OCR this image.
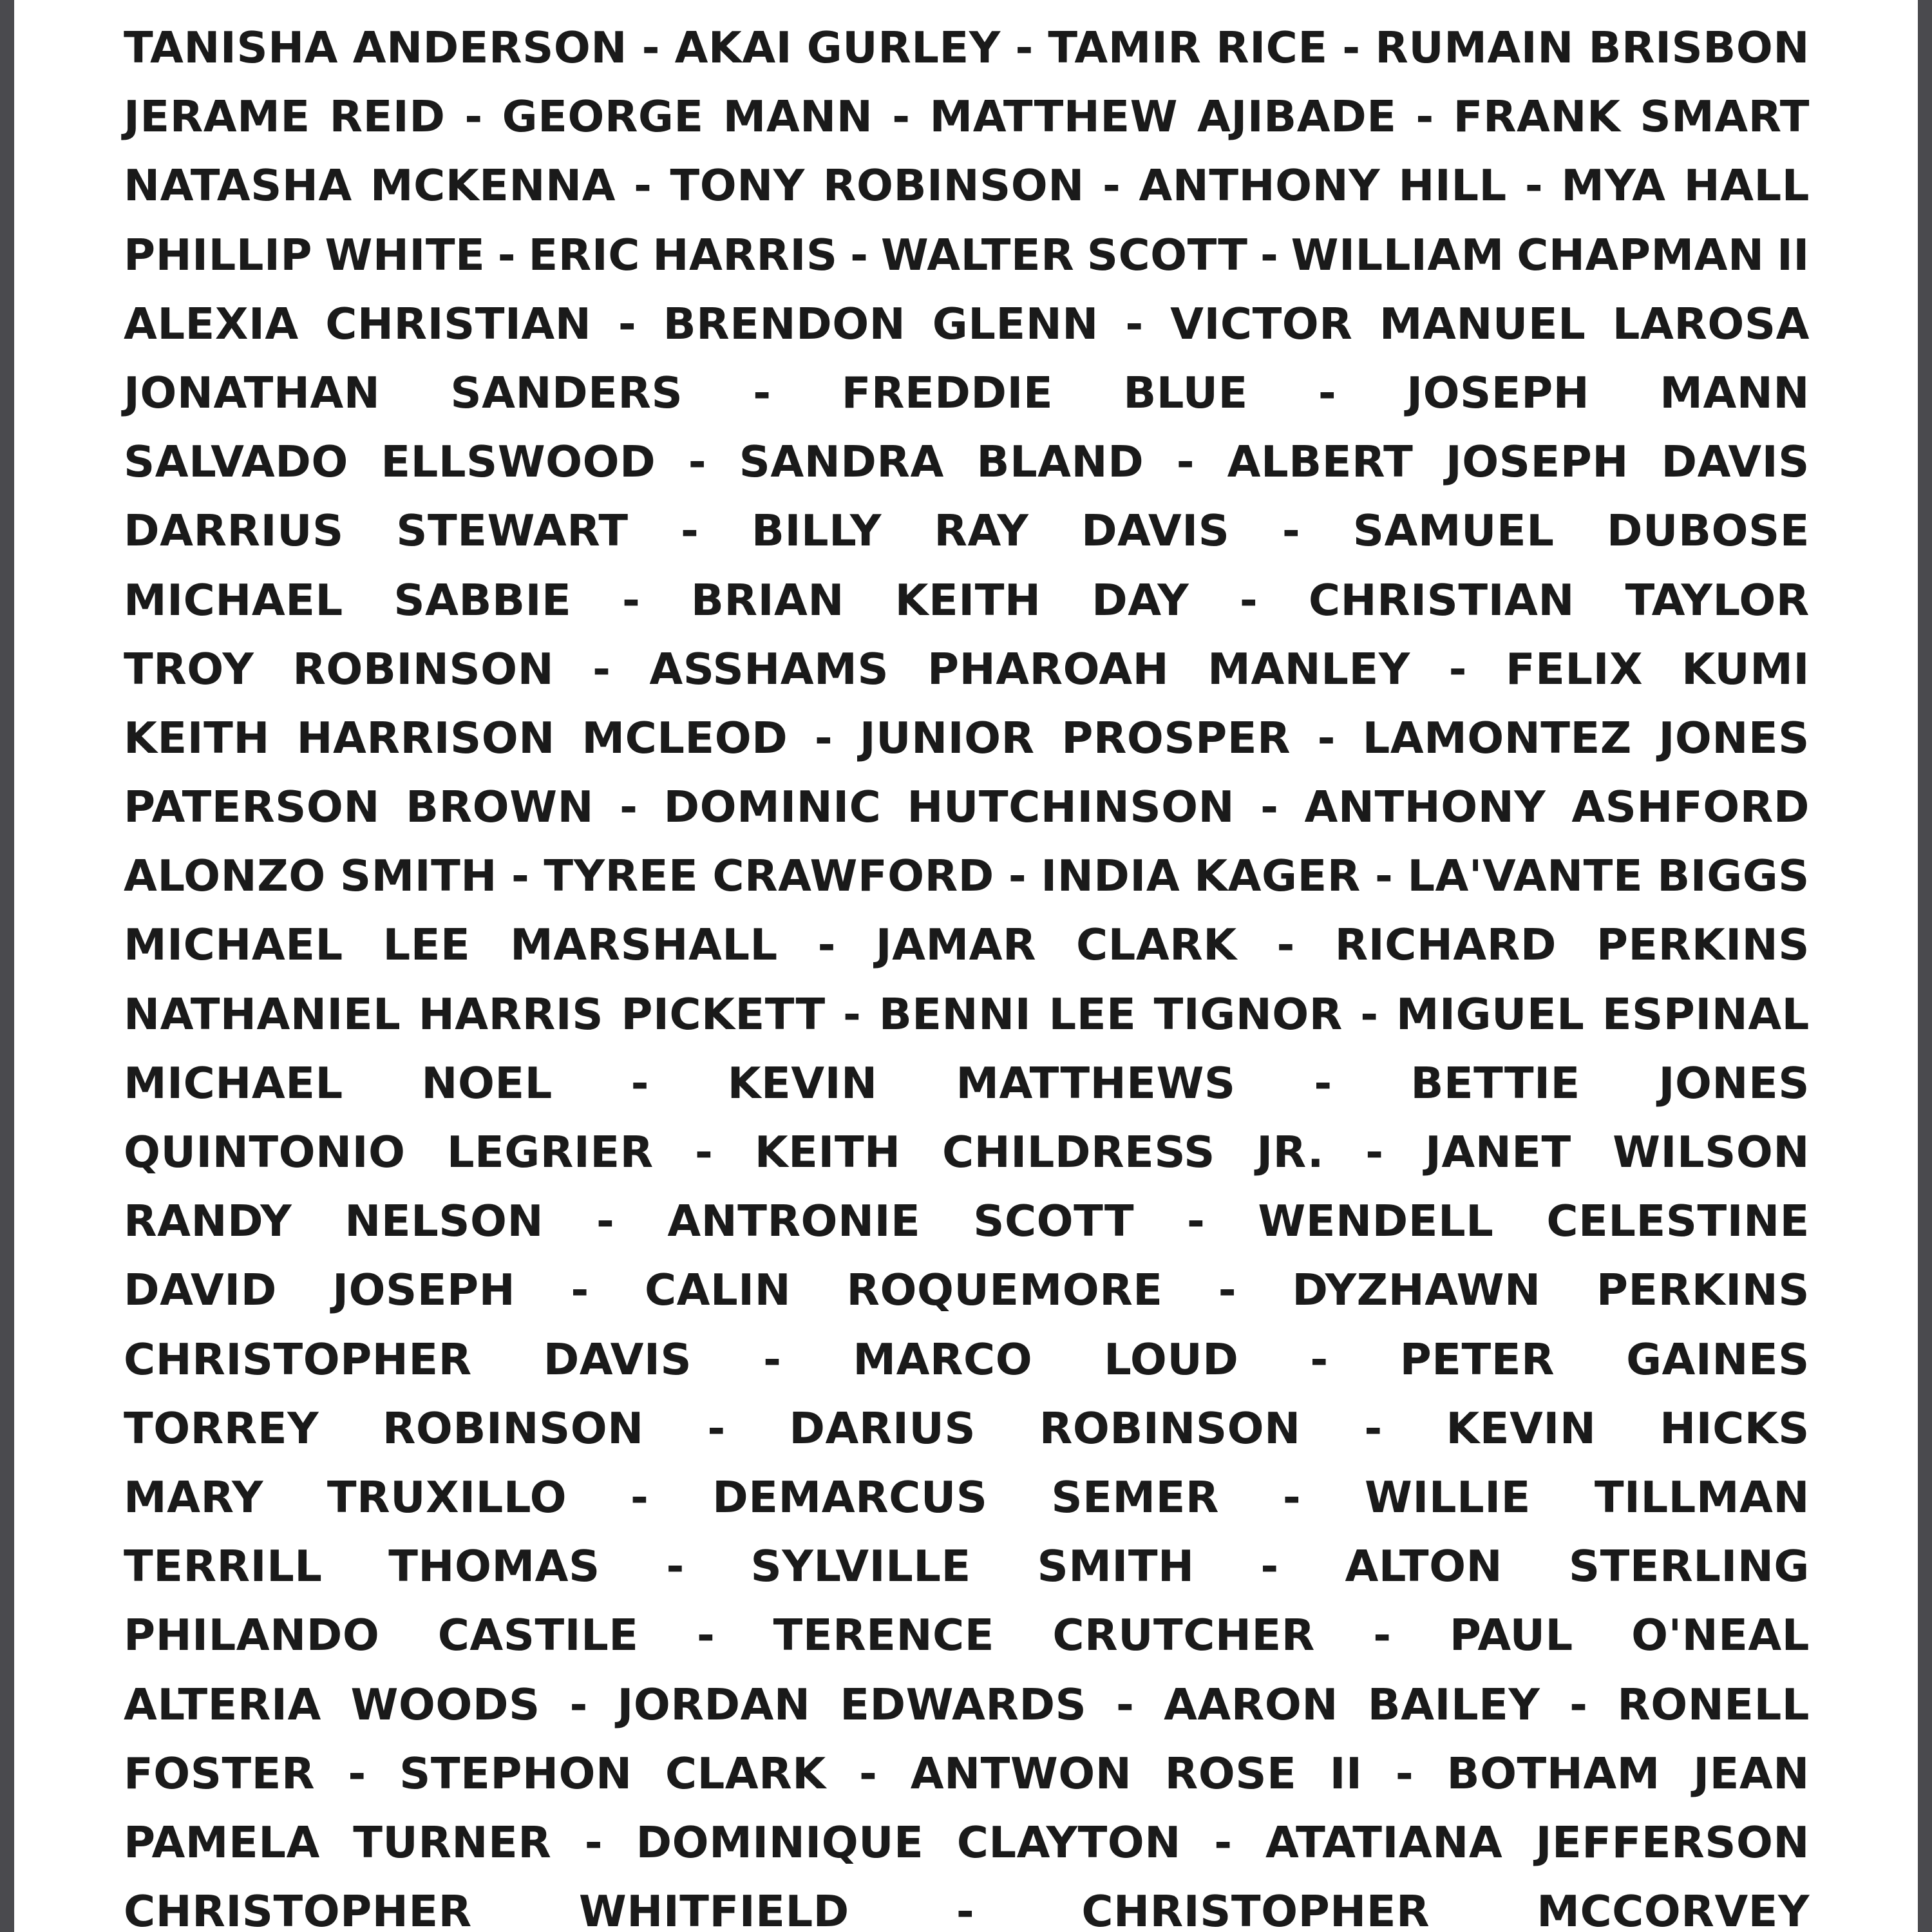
TANISHA ANDERSON - AKAI GURLEY - TAMIR RICE - RUMAIN BRISBON
JERAME REID - GEORGE MANN - MATTHEW AJIBADE - FRANK SMART
NATASHA MCKENNA - TONY ROBINSON - ANTHONY HILL - MYA HALL
PHILLIP WHITE - ERIC HARRIS - WALTER SCOTT - WILLIAM CHAPMAN II
ALEXIA CHRISTIAN - BRENDON GLENN - VICTOR MANUEL LAROSA
JONATHAN SANDERS - FREDDIE BLUE - JOSEPH MANN
SALVADO ELLSWOOD - SANDRA BLAND - ALBERT JOSEPH DAVIS
DARRIUS STEWART - BILLY RAY DAVIS - SAMUEL DUBOSE
MICHAEL SABBIE - BRIAN KEITH DAY - CHRISTIAN TAYLOR
TROY ROBINSON - ASSHAMS PHAROAH MANLEY - FELIX KUMI
KEITH HARRISON MCLEOD - JUNIOR PROSPER - LAMONTEZ JONES
PATERSON BROWN - DOMINIC HUTCHINSON - ANTHONY ASHFORD
ALONZO SMITH - TYREE CRAWFORD - INDIA KAGER - LA'VANTE BIGGS
MICHAEL LEE MARSHALL - JAMAR CLARK - RICHARD PERKINS
NATHANIEL HARRIS PICKETT - BENNI LEE TIGNOR - MIGUEL ESPINAL
MICHAEL NOEL - KEVIN MATTHEWS - BETTIE JONES
QUINTONIO LEGRIER - KEITH CHILDRESS JR. - JANET WILSON
RANDY NELSON - ANTRONIE SCOTT - WENDELL CELESTINE
DAVID JOSEPH - CALIN ROQUEMORE - DYZHAWN PERKINS
CHRISTOPHER DAVIS - MARCO LOUD - PETER GAINES
TORREY ROBINSON - DARIUS ROBINSON - KEVIN HICKS
MARY TRUXILLO - DEMARCUS SEMER - WILLIE TILLMAN
TERRILL THOMAS - SYLVILLE SMITH - ALTON STERLING
PHILANDO CASTILE - TERENCE CRUTCHER - PAUL O'NEAL
ALTERIA WOODS - JORDAN EDWARDS - AARON BAILEY - RONELL
FOSTER - STEPHON CLARK - ANTWON ROSE II - BOTHAM JEAN
PAMELA TURNER - DOMINIQUE CLAYTON - ATATIANA JEFFERSON
CHRISTOPHER WHITFIELD - CHRISTOPHER MCCORVEY
